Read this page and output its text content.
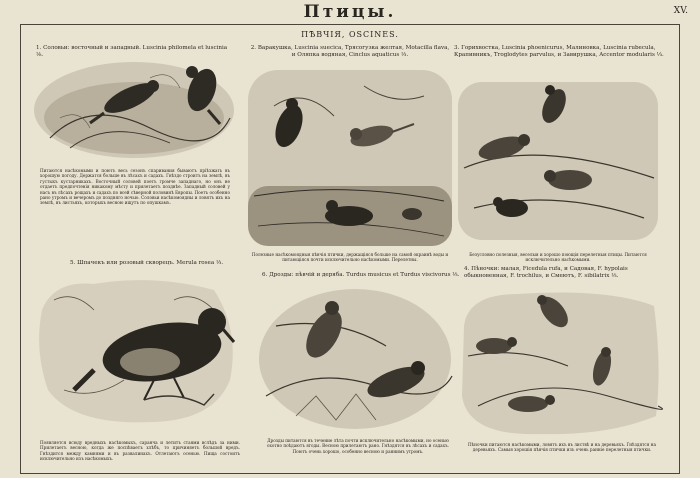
Птицы.	XV.
ПѢВЧІЯ, OSCINES.
1. Соловьи: восточный и западный. Luscinia philomela et luscinia ⅛.
Питаются насѣкомыми и поютъ весь сезонъ спаривания бываютъ пріѣзжать въ хорошую погоду. Держатся больше въ лѣсахъ и садахъ. Гнѣздо строитъ на землѣ, въ густыхъ кустарникахъ. Восточный соловей поетъ громче западнаго, но онъ не отдаетъ предпочтенія никакому мѣсту и прилетаетъ позднѣе. Западный соловей у насъ въ лѣсахъ рощахъ и садахъ по всей сѣверной половинѣ Европы. Поетъ особенно рано утромъ и вечеромъ до поздняго ночью. Соловьи насѣкомоядны и ловятъ ихъ на землѣ, въ листьяхъ, которыхъ весною ищутъ по опушкамъ.
2. Варакушка, Luscinia suecica, Трясогузка желтая, Motacilla flava, и Оляпка водяная, Cinclus aquaticus ⅓.
Полезные насѣкомоядныя пѣвчія птички, держащіяся больше на самой окраинѣ воды и питающіяся почти исключительно насѣкомыми. Перелетны.
3. Горихвостка, Luscinia phoenicurus, Малиновка, Luscinia rubecula, Крапивникъ, Troglodytes parvulus, и Завирушка, Accentor modularis ⅓.
Безусловно полезныя, веселыя и хорошо поющія перелетныя птицы. Питаются исключительно насѣкомыми.
5. Шпачекъ или розовый скворецъ. Merula rosea ⅓.
Появляется всюду вредныхъ насѣкомыхъ, саранча и летитъ стаями вслѣдъ за ними. Прилетаетъ весною, когда же поспѣваетъ хлѣбъ, то причиняетъ большой вредъ. Гнѣздится между камнями и въ развалинахъ. Отлетаютъ осенью. Пища состоитъ исключительно изъ насѣкомыхъ.
6. Дрозды: пѣвчій и деряба. Turdus musicus et Turdus viscivorus ⅓.
Дрозды питаются въ течение лѣта почти исключительно насѣкомыми, но осенью охотно поѣдаютъ ягоды. Весною прилетаютъ рано. Гнѣздятся въ лѣсахъ и садахъ. Поютъ очень хорошо, особенно весною и раннимъ утромъ.
4. Пѣночки: малая, Ficedula rufa, и Садовая, F. hypolais обыкновенная, F. trochilus, и Смеютъ, F. sibilatrix ⅓.
Пѣночки питаются насѣкомыми, ловятъ ихъ въ листвѣ и на деревьяхъ. Гнѣздятся на деревьяхъ. Самыя хорошія пѣвчія птички изъ очень ранніе перелетныя птички.
